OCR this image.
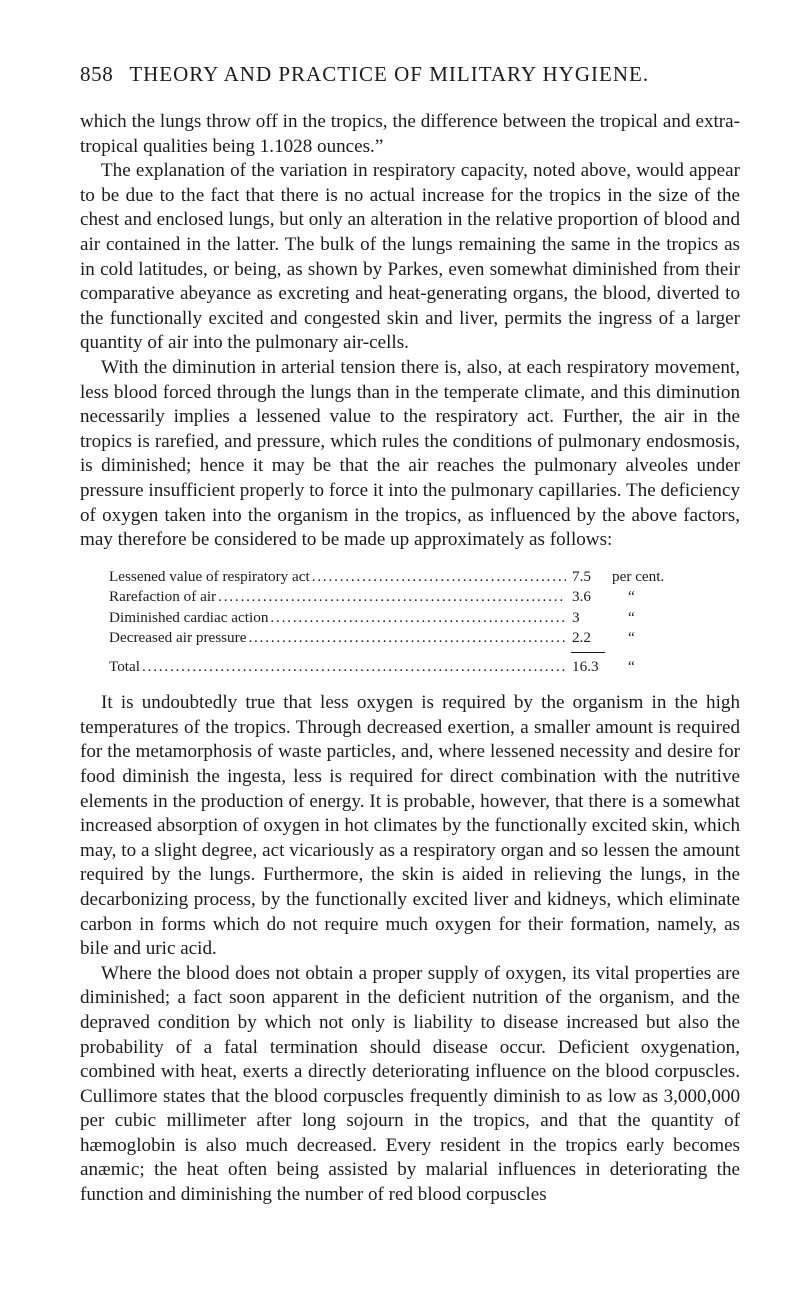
858 THEORY AND PRACTICE OF MILITARY HYGIENE.

which the lungs throw off in the tropics, the difference between the tropical and extra-tropical qualities being 1.1028 ounces.”

The explanation of the variation in respiratory capacity, noted above, would appear to be due to the fact that there is no actual increase for the tropics in the size of the chest and enclosed lungs, but only an alteration in the relative proportion of blood and air contained in the latter. The bulk of the lungs remaining the same in the tropics as in cold latitudes, or being, as shown by Parkes, even somewhat diminished from their comparative abeyance as excreting and heat-generating organs, the blood, diverted to the functionally excited and congested skin and liver, permits the ingress of a larger quantity of air into the pulmonary air-cells.

With the diminution in arterial tension there is, also, at each respiratory movement, less blood forced through the lungs than in the temperate climate, and this diminution necessarily implies a lessened value to the respiratory act. Further, the air in the tropics is rarefied, and pressure, which rules the conditions of pulmonary endosmosis, is diminished; hence it may be that the air reaches the pulmonary alveoles under pressure insufficient properly to force it into the pulmonary capillaries. The deficiency of oxygen taken into the organism in the tropics, as influenced by the above factors, may therefore be considered to be made up approximately as follows:

Lessened value of respiratory act . . .	7.5	per cent.
Rarefaction of air . . .	3.6	“
Diminished cardiac action . . .	3	“
Decreased air pressure . . .	2.2	“
Total . . .	16.3	“

It is undoubtedly true that less oxygen is required by the organism in the high temperatures of the tropics. Through decreased exertion, a smaller amount is required for the metamorphosis of waste particles, and, where lessened necessity and desire for food diminish the ingesta, less is required for direct combination with the nutritive elements in the production of energy. It is probable, however, that there is a somewhat increased absorption of oxygen in hot climates by the functionally excited skin, which may, to a slight degree, act vicariously as a respiratory organ and so lessen the amount required by the lungs. Furthermore, the skin is aided in relieving the lungs, in the decarbonizing process, by the functionally excited liver and kidneys, which eliminate carbon in forms which do not require much oxygen for their formation, namely, as bile and uric acid.

Where the blood does not obtain a proper supply of oxygen, its vital properties are diminished; a fact soon apparent in the deficient nutrition of the organism, and the depraved condition by which not only is liability to disease increased but also the probability of a fatal termination should disease occur. Deficient oxygenation, combined with heat, exerts a directly deteriorating influence on the blood corpuscles. Cullimore states that the blood corpuscles frequently diminish to as low as 3,000,000 per cubic millimeter after long sojourn in the tropics, and that the quantity of hæmoglobin is also much decreased. Every resident in the tropics early becomes anæmic; the heat often being assisted by malarial influences in deteriorating the function and diminishing the number of red blood corpuscles
